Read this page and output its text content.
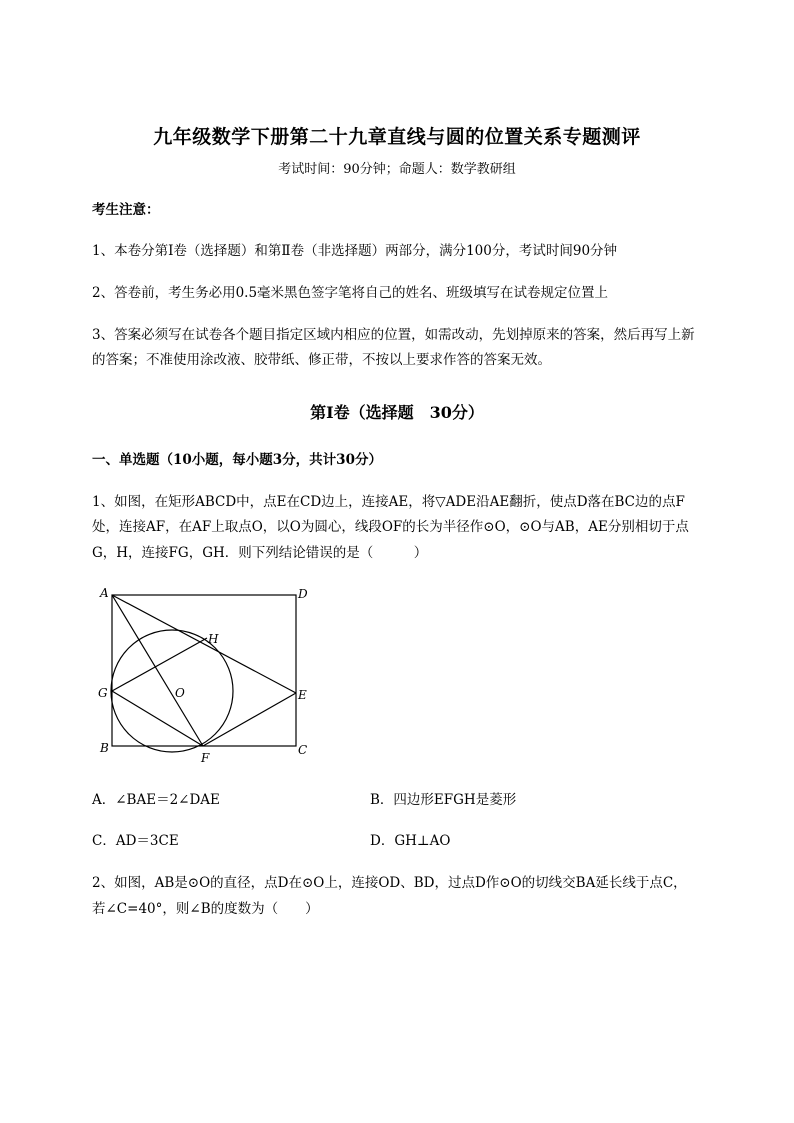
九年级数学下册第二十九章直线与圆的位置关系专题测评
考试时间：90分钟；命题人：数学教研组
考生注意：
1、本卷分第Ⅰ卷（选择题）和第Ⅱ卷（非选择题）两部分，满分100分，考试时间90分钟
2、答卷前，考生务必用0.5毫米黑色签字笔将自己的姓名、班级填写在试卷规定位置上
3、答案必须写在试卷各个题目指定区域内相应的位置，如需改动，先划掉原来的答案，然后再写上新
的答案；不准使用涂改液、胶带纸、修正带，不按以上要求作答的答案无效。
第Ⅰ卷（选择题　30分）
一、单选题（10小题，每小题3分，共计30分）
1、如图，在矩形ABCD中，点E在CD边上，连接AE，将▽ADE沿AE翻折，使点D落在BC边的点F
处，连接AF，在AF上取点O，以O为圆心，线段OF的长为半径作⊙O，⊙O与AB，AE分别相切于点
G，H，连接FG，GH．则下列结论错误的是（　　　）
A	D
B	C
E
F
G
H
O
A．∠BAE＝2∠DAE	B．四边形EFGH是菱形
C．AD＝3CE	D．GH⊥AO
2、如图，AB是⊙O的直径，点D在⊙O上，连接OD、BD，过点D作⊙O的切线交BA延长线于点C，
若∠C=40°，则∠B的度数为（　　）
